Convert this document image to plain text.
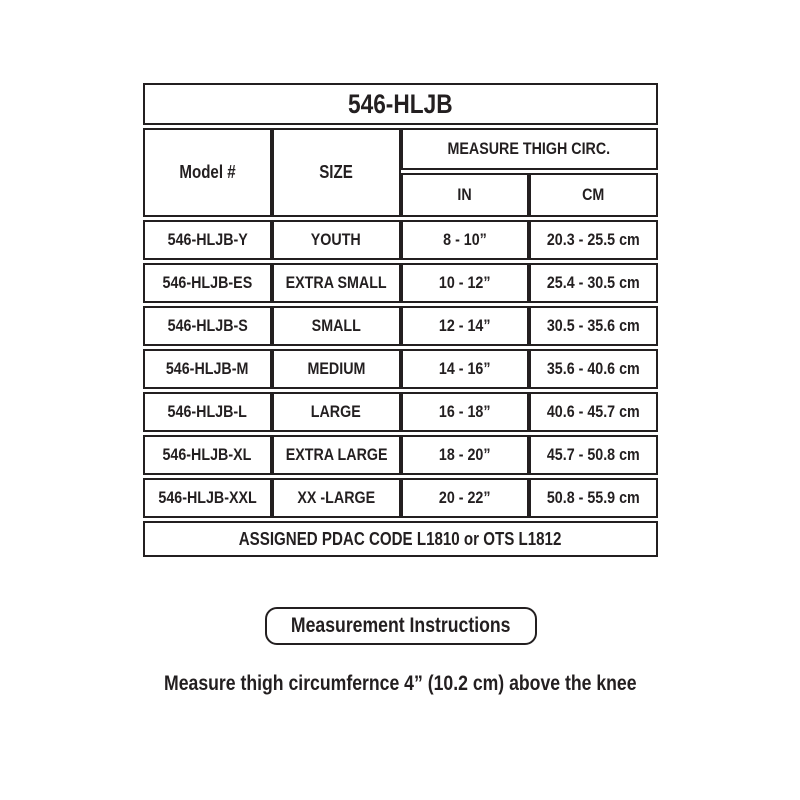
546-HLJB			
Model #	SIZE	MEASURE THIGH CIRC.	
		IN	CM
546-HLJB-Y	YOUTH	8 - 10”	20.3 - 25.5 cm
546-HLJB-ES	EXTRA SMALL	10 - 12”	25.4 - 30.5 cm
546-HLJB-S	SMALL	12 - 14”	30.5 - 35.6 cm
546-HLJB-M	MEDIUM	14 - 16”	35.6 - 40.6 cm
546-HLJB-L	LARGE	16 - 18”	40.6 - 45.7 cm
546-HLJB-XL	EXTRA LARGE	18 - 20”	45.7 - 50.8 cm
546-HLJB-XXL	XX -LARGE	20 - 22”	50.8 - 55.9 cm
ASSIGNED PDAC CODE L1810 or OTS L1812			
Measurement Instructions
Measure thigh circumfernce 4” (10.2 cm) above the knee
